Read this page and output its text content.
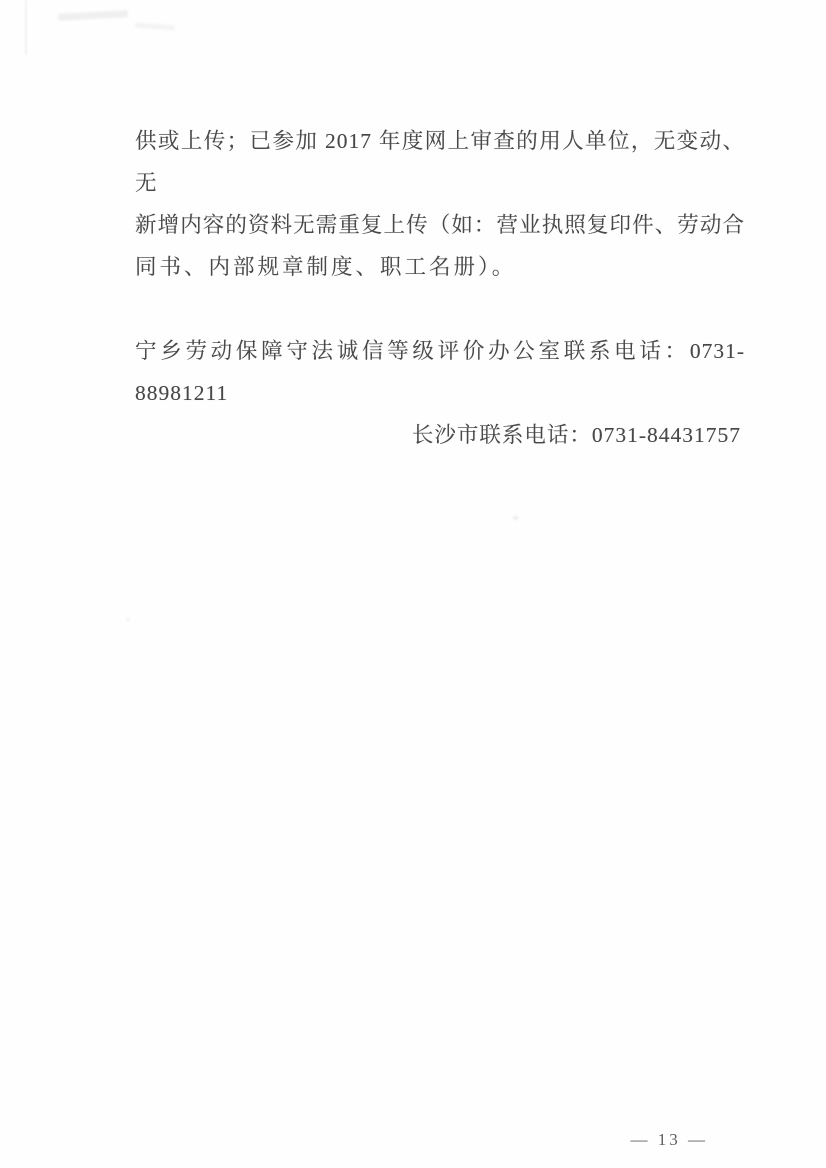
供或上传；已参加 2017 年度网上审查的用人单位，无变动、无

新增内容的资料无需重复上传（如：营业执照复印件、劳动合

同书、内部规章制度、职工名册）。

宁乡劳动保障守法诚信等级评价办公室联系电话：0731-88981211

长沙市联系电话：0731-84431757

— 13 —
